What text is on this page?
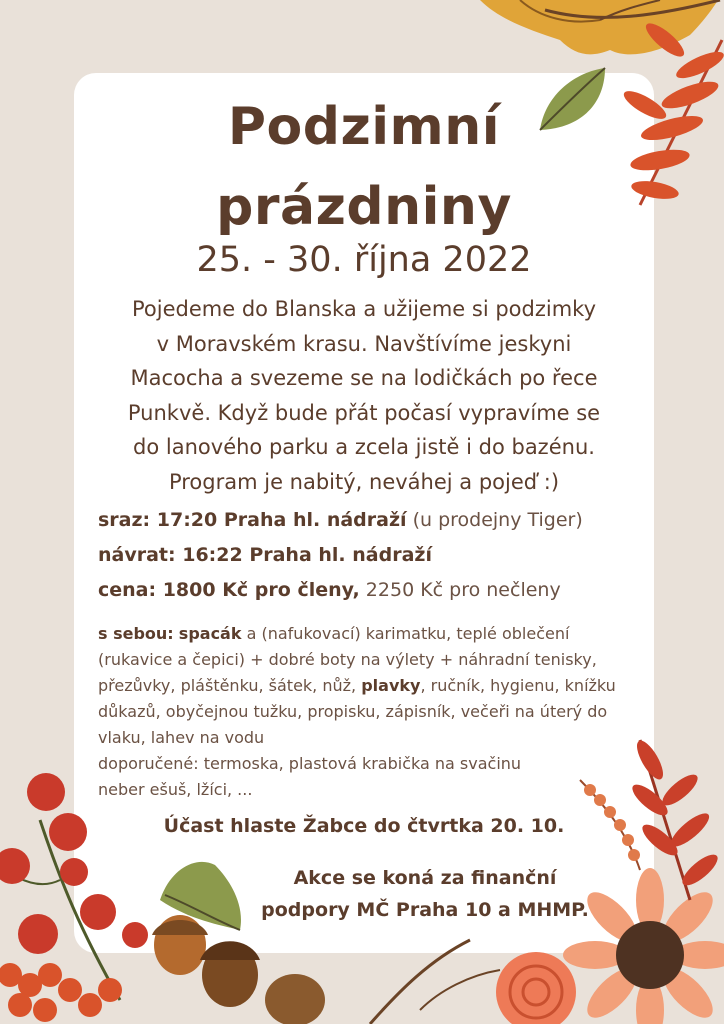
Podzimní
prázdniny
25. - 30. října 2022
Pojedeme do Blanska a užijeme si podzimky
v Moravském krasu. Navštívíme jeskyni
Macocha a svezeme se na lodičkách po řece
Punkvě. Když bude přát počasí vypravíme se
do lanového parku a zcela jistě i do bazénu.
Program je nabitý, neváhej a pojeď :)
sraz: 17:20 Praha hl. nádraží (u prodejny Tiger)
návrat: 16:22 Praha hl. nádraží
cena: 1800 Kč pro členy, 2250 Kč pro nečleny
s sebou: spacák a (nafukovací) karimatku, teplé oblečení (rukavice a čepici) + dobré boty na výlety + náhradní tenisky, přezůvky, pláštěnku, šátek, nůž, plavky, ručník, hygienu, knížku důkazů, obyčejnou tužku, propisku, zápisník, večeři na úterý do vlaku, lahev na vodu
doporučené: termoska, plastová krabička na svačinu
neber ešuš, lžíci, ...
Účast hlaste Žabce do čtvrtka 20. 10.
Akce se koná za finanční
podpory MČ Praha 10 a MHMP.
